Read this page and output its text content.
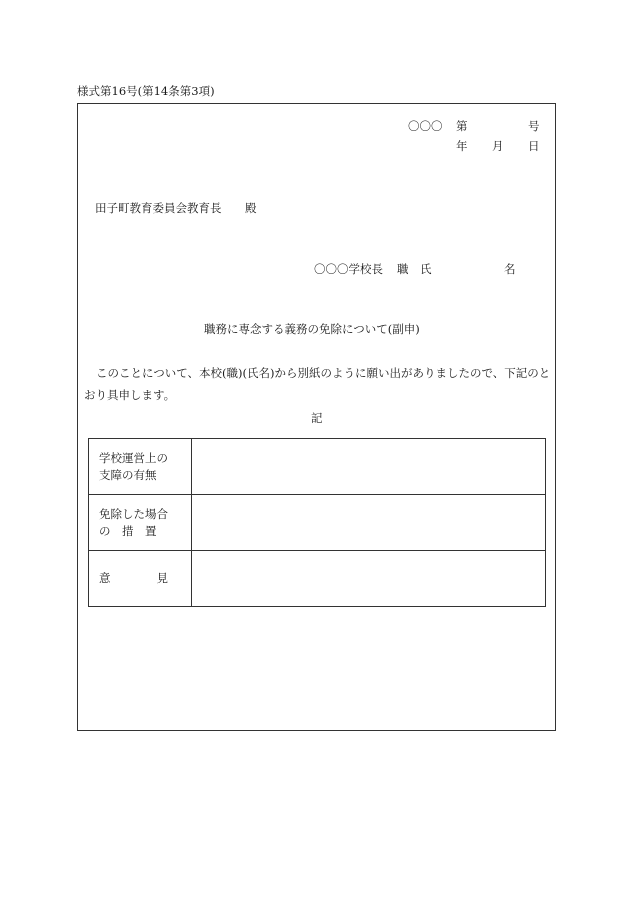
様式第16号(第14条第3項)
〇〇〇 第	号
年 月 日
田子町教育委員会教育長 殿
〇〇〇学校長 職 氏	名
職務に専念する義務の免除について(副申)
このことについて、本校(職)(氏名)から別紙のように願い出がありましたので、下記のとおり具申します。
記
学校運営上の
支障の有無	

免除した場合
の　措　置	

意　　　　見	
